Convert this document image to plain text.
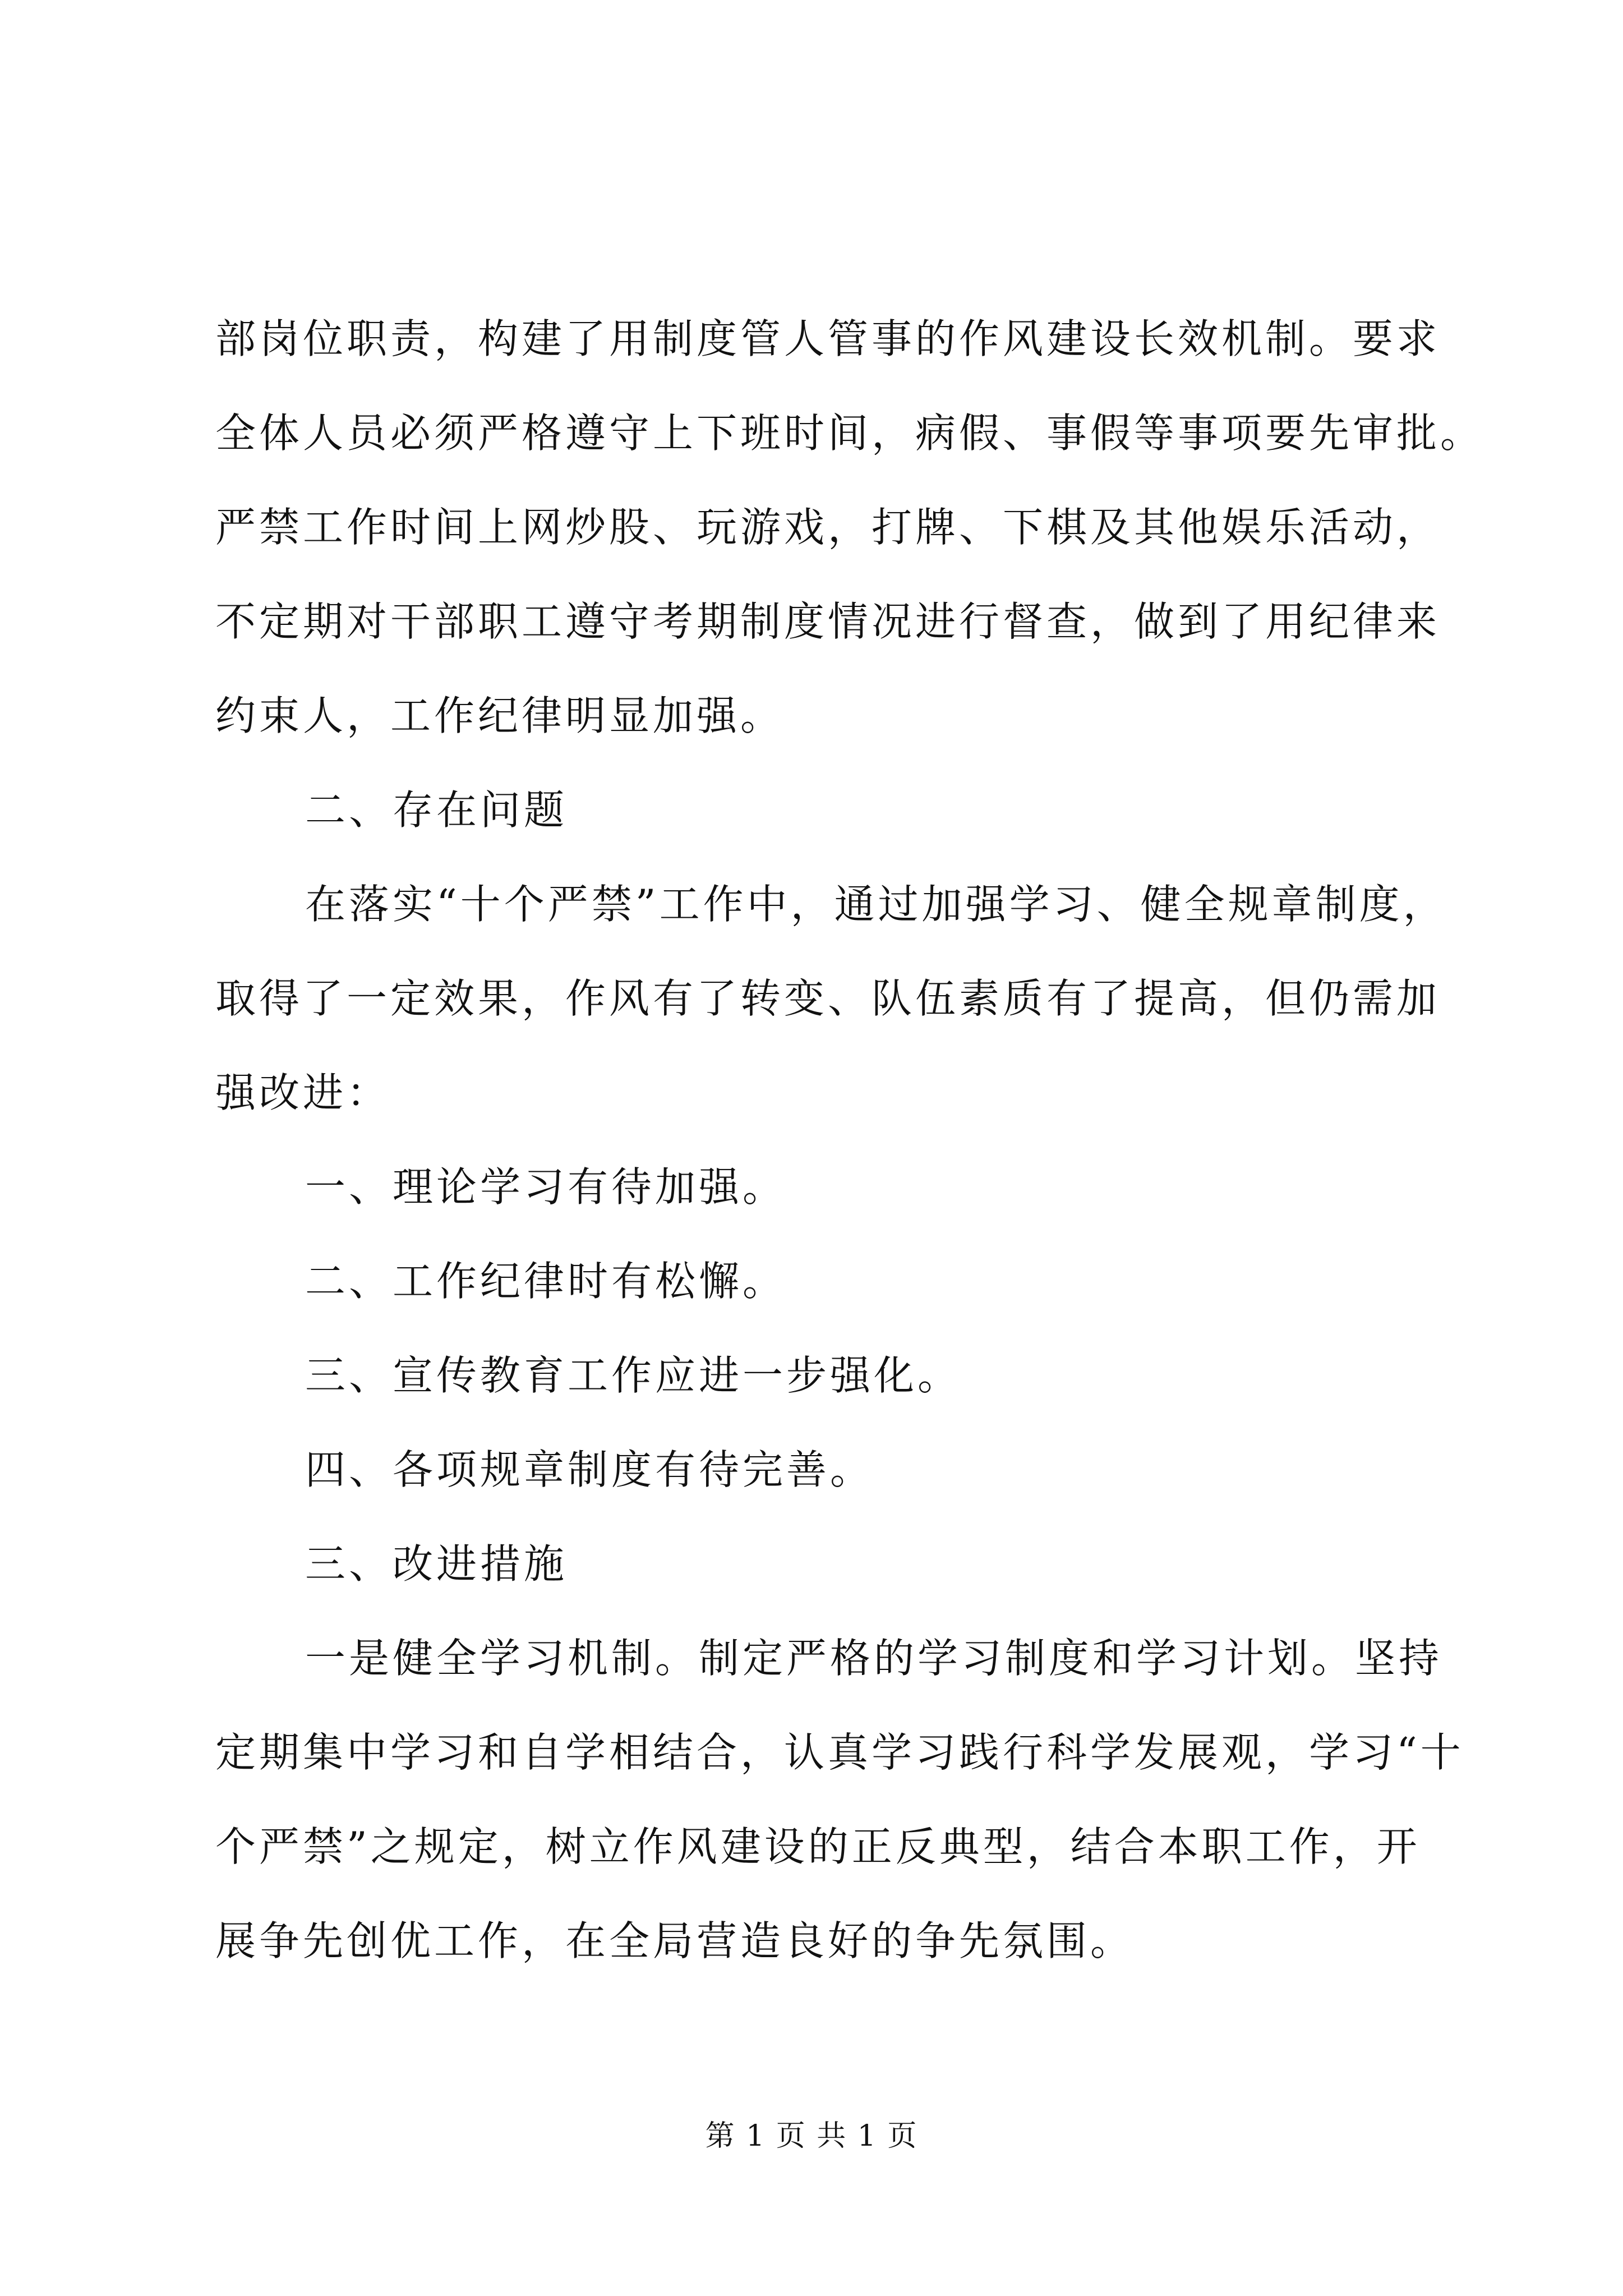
部岗位职责，构建了用制度管人管事的作风建设长效机制。要求
全体人员必须严格遵守上下班时间，病假、事假等事项要先审批。
严禁工作时间上网炒股、玩游戏，打牌、下棋及其他娱乐活动，
不定期对干部职工遵守考期制度情况进行督查，做到了用纪律来
约束人，工作纪律明显加强。
二、存在问题
在落实“十个严禁”工作中，通过加强学习、健全规章制度，
取得了一定效果，作风有了转变、队伍素质有了提高，但仍需加
强改进：
一、理论学习有待加强。
二、工作纪律时有松懈。
三、宣传教育工作应进一步强化。
四、各项规章制度有待完善。
三、改进措施
一是健全学习机制。制定严格的学习制度和学习计划。坚持
定期集中学习和自学相结合，认真学习践行科学发展观，学习“十
个严禁”之规定，树立作风建设的正反典型，结合本职工作，开
展争先创优工作，在全局营造良好的争先氛围。
第 1 页 共 1 页
